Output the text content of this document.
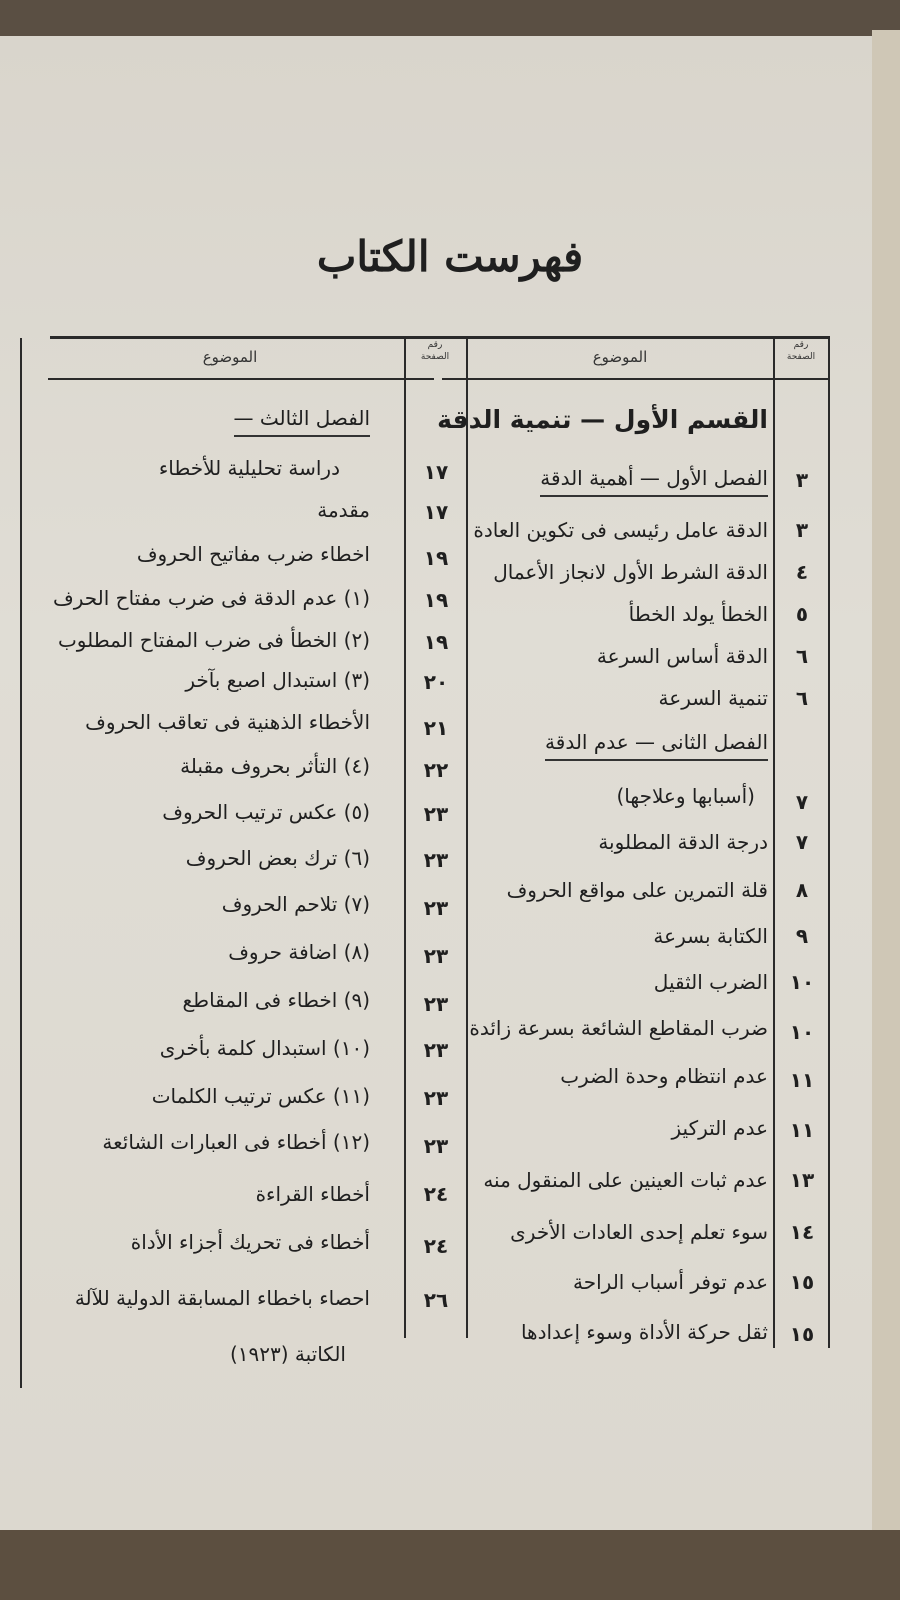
فهرست الكتاب
الموضوع
رقم
الصفحة	الموضوع
رقم
الصفحة
القسم الأول — تنمية الدقة
الفصل الأول — أهمية الدقة	٣
الدقة عامل رئيسى فى تكوين العادة	٣
الدقة الشرط الأول لانجاز الأعمال	٤
الخطأ يولد الخطأ	٥
الدقة أساس السرعة	٦
تنمية السرعة	٦
الفصل الثانى — عدم الدقة
(أسبابها وعلاجها)	٧
درجة الدقة المطلوبة	٧
قلة التمرين على مواقع الحروف	٨
الكتابة بسرعة	٩
الضرب الثقيل	١٠
ضرب المقاطع الشائعة بسرعة زائدة	١٠
عدم انتظام وحدة الضرب	١١
عدم التركيز	١١
عدم ثبات العينين على المنقول منه	١٣
سوء تعلم إحدى العادات الأخرى	١٤
عدم توفر أسباب الراحة	١٥
ثقل حركة الأداة وسوء إعدادها	١٥
الفصل الثالث —
دراسة تحليلية للأخطاء	١٧
مقدمة	١٧
اخطاء ضرب مفاتيح الحروف	١٩
(١) عدم الدقة فى ضرب مفتاح الحرف	١٩
(٢) الخطأ فى ضرب المفتاح المطلوب	١٩
(٣) استبدال اصبع بآخر	٢٠
الأخطاء الذهنية فى تعاقب الحروف	٢١
(٤) التأثر بحروف مقبلة	٢٢
(٥) عكس ترتيب الحروف	٢٣
(٦) ترك بعض الحروف	٢٣
(٧) تلاحم الحروف	٢٣
(٨) اضافة حروف	٢٣
(٩) اخطاء فى المقاطع	٢٣
(١٠) استبدال كلمة بأخرى	٢٣
(١١) عكس ترتيب الكلمات	٢٣
(١٢) أخطاء فى العبارات الشائعة	٢٣
أخطاء القراءة	٢٤
أخطاء فى تحريك أجزاء الأداة	٢٤
احصاء باخطاء المسابقة الدولية للآلة	٢٦
الكاتبة (١٩٢٣)
